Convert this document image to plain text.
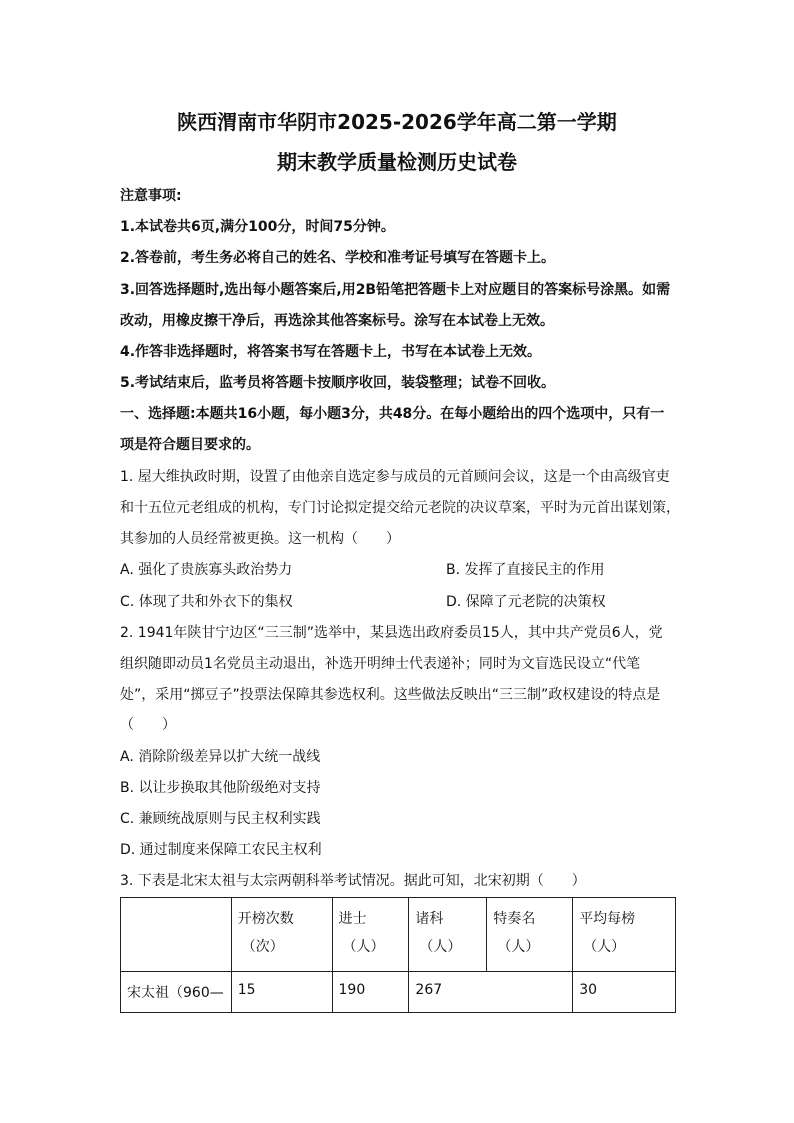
陕西渭南市华阴市2025-2026学年高二第一学期
期末教学质量检测历史试卷
注意事项:
1.本试卷共6页,满分100分，时间75分钟。
2.答卷前，考生务必将自己的姓名、学校和准考证号填写在答题卡上。
3.回答选择题时,选出每小题答案后,用2B铅笔把答题卡上对应题目的答案标号涂黑。如需
改动，用橡皮擦干净后，再选涂其他答案标号。涂写在本试卷上无效。
4.作答非选择题时，将答案书写在答题卡上，书写在本试卷上无效。
5.考试结束后，监考员将答题卡按顺序收回，装袋整理；试卷不回收。
一、选择题:本题共16小题，每小题3分，共48分。在每小题给出的四个选项中，只有一
项是符合题目要求的。
1. 屋大维执政时期，设置了由他亲自选定参与成员的元首顾问会议，这是一个由高级官吏
和十五位元老组成的机构，专门讨论拟定提交给元老院的决议草案，平时为元首出谋划策，
其参加的人员经常被更换。这一机构（　　）
A. 强化了贵族寡头政治势力	B. 发挥了直接民主的作用
C. 体现了共和外衣下的集权	D. 保障了元老院的决策权
2. 1941年陕甘宁边区“三三制”选举中，某县选出政府委员15人，其中共产党员6人，党
组织随即动员1名党员主动退出，补选开明绅士代表递补；同时为文盲选民设立“代笔
处”，采用“掷豆子”投票法保障其参选权利。这些做法反映出“三三制”政权建设的特点是
（　　）
A. 消除阶级差异以扩大统一战线
B. 以让步换取其他阶级绝对支持
C. 兼顾统战原则与民主权利实践
D. 通过制度来保障工农民主权利
3. 下表是北宋太祖与太宗两朝科举考试情况。据此可知，北宋初期（　　）
	开榜次数
（次）	进士
（人）	诸科
（人）	特奏名
（人）	平均每榜
（人）

宋太祖（960—	15	190	267		30
